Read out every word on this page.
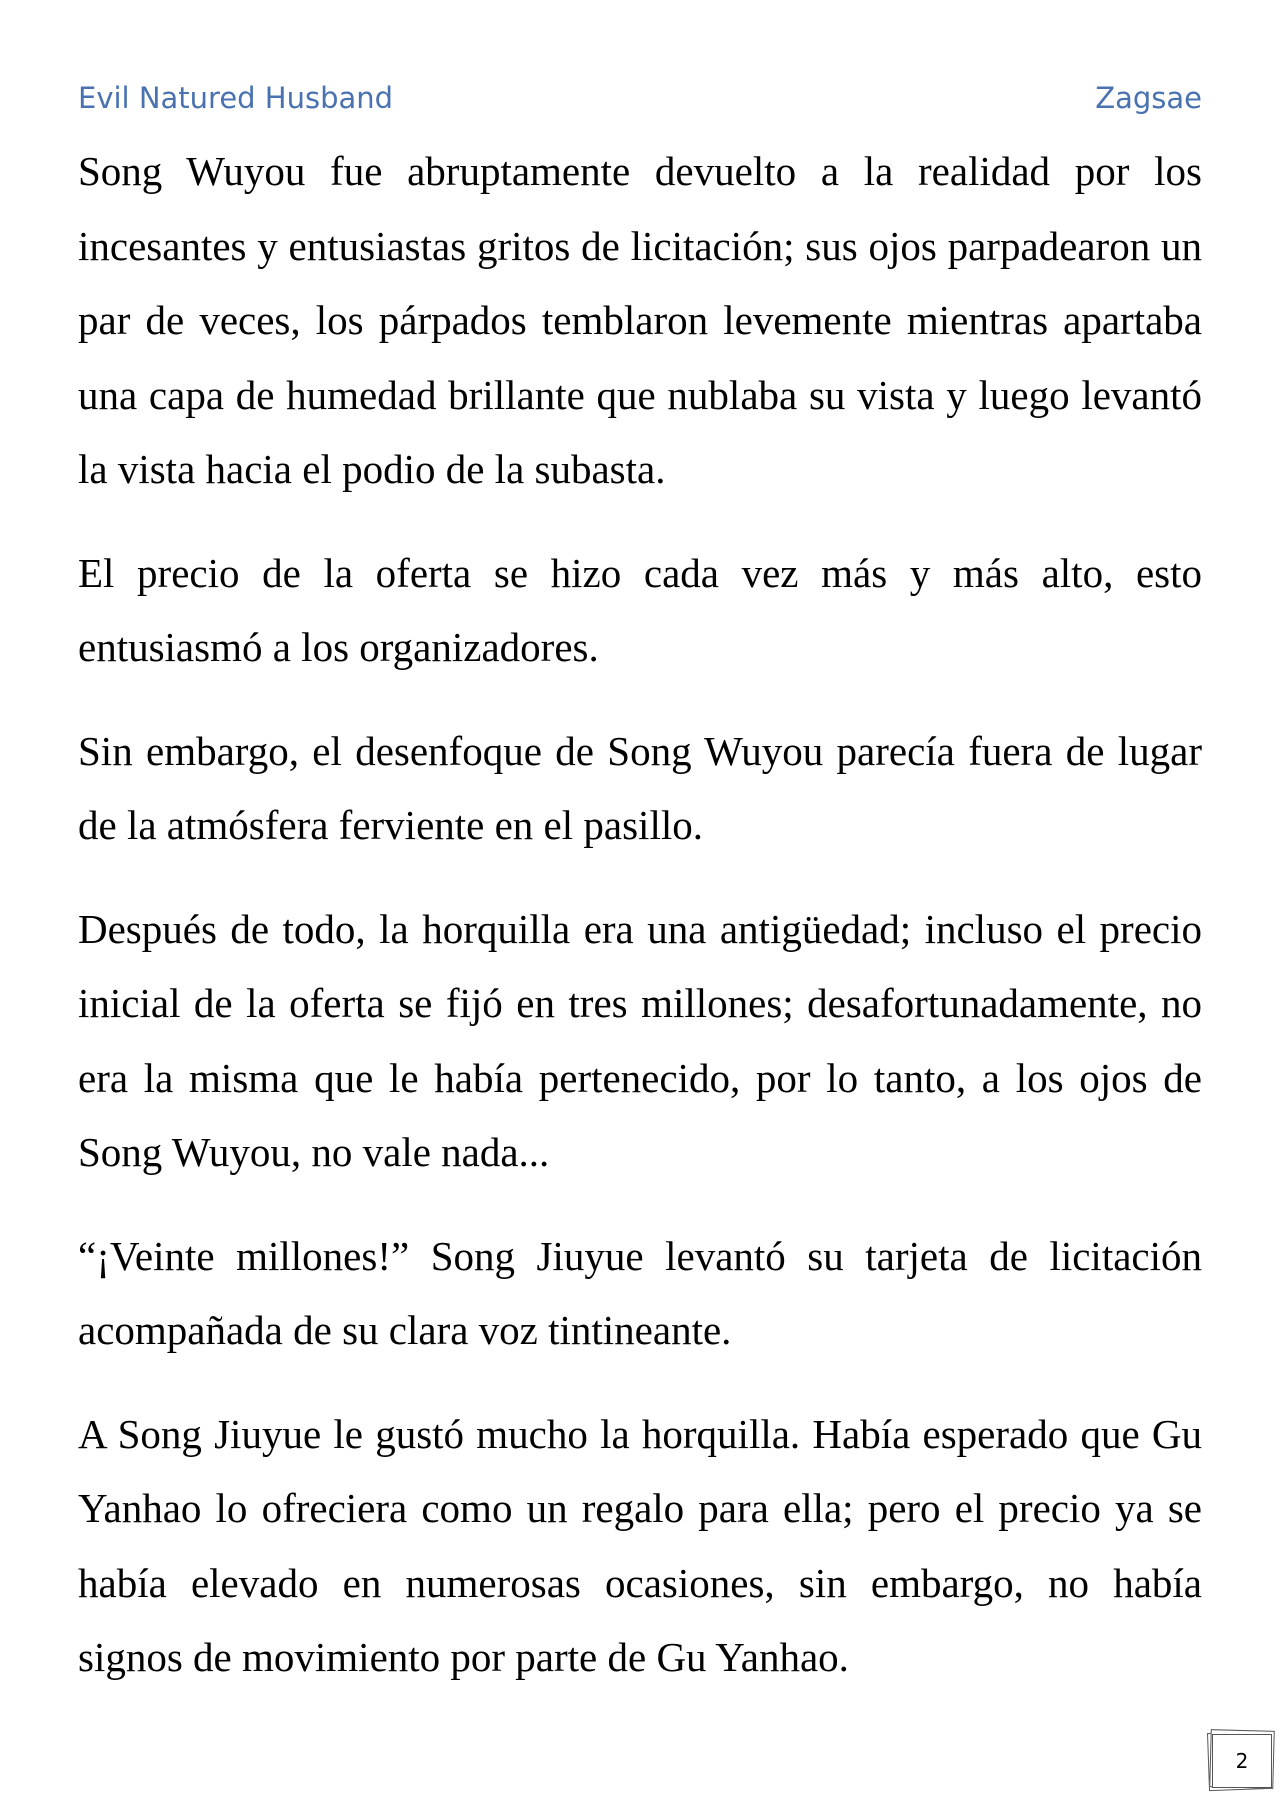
Evil Natured Husband	Zagsae

Song Wuyou fue abruptamente devuelto a la realidad por los incesantes y entusiastas gritos de licitación; sus ojos parpadearon un par de veces, los párpados temblaron levemente mientras apartaba una capa de humedad brillante que nublaba su vista y luego levantó la vista hacia el podio de la subasta.

El precio de la oferta se hizo cada vez más y más alto, esto entusiasmó a los organizadores.

Sin embargo, el desenfoque de Song Wuyou parecía fuera de lugar de la atmósfera ferviente en el pasillo.

Después de todo, la horquilla era una antigüedad; incluso el precio inicial de la oferta se fijó en tres millones; desafortunadamente, no era la misma que le había pertenecido, por lo tanto, a los ojos de Song Wuyou, no vale nada...

“¡Veinte millones!” Song Jiuyue levantó su tarjeta de licitación acompañada de su clara voz tintineante.

A Song Jiuyue le gustó mucho la horquilla. Había esperado que Gu Yanhao lo ofreciera como un regalo para ella; pero el precio ya se había elevado en numerosas ocasiones, sin embargo, no había signos de movimiento por parte de Gu Yanhao.

2
